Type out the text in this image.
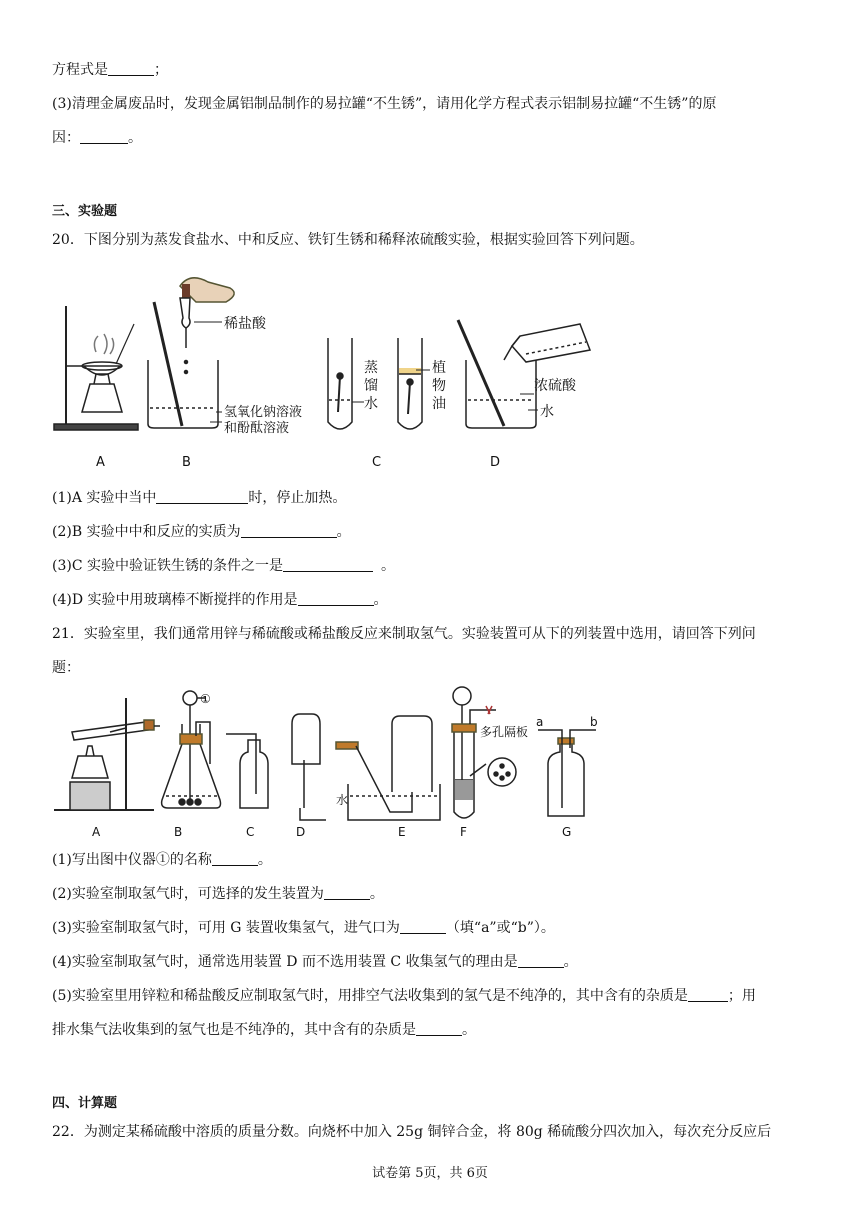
方程式是	；
(3)清理金属废品时，发现金属铝制品制作的易拉罐“不生锈”，请用化学方程式表示铝制易拉罐“不生锈”的原
因：	。
三、实验题
20．下图分别为蒸发食盐水、中和反应、铁钉生锈和稀释浓硫酸实验，根据实验回答下列问题。
稀盐酸
氢氧化钠溶液
和酚酞溶液
蒸
馏
水
植
物
油
浓硫酸
水
A	B	C	D
(1)A 实验中当中	时，停止加热。
(2)B 实验中中和反应的实质为	。
(3)C 实验中验证铁生锈的条件之一是	。
(4)D 实验中用玻璃棒不断搅拌的作用是	。
21．实验室里，我们通常用锌与稀硫酸或稀盐酸反应来制取氢气。实验装置可从下的列装置中选用，请回答下列问
题：
①
水
多孔隔板
a	b
A	B	C	D	E	F	G
(1)写出图中仪器①的名称	。
(2)实验室制取氢气时，可选择的发生装置为	。
(3)实验室制取氢气时，可用 G 装置收集氢气，进气口为	（填“a”或“b”）。
(4)实验室制取氢气时，通常选用装置 D 而不选用装置 C 收集氢气的理由是	。
(5)实验室里用锌粒和稀盐酸反应制取氢气时，用排空气法收集到的氢气是不纯净的，其中含有的杂质是	；用
排水集气法收集到的氢气也是不纯净的，其中含有的杂质是	。
四、计算题
22．为测定某稀硫酸中溶质的质量分数。向烧杯中加入 25g 铜锌合金，将 80g 稀硫酸分四次加入，每次充分反应后
试卷第 5页，共 6页
